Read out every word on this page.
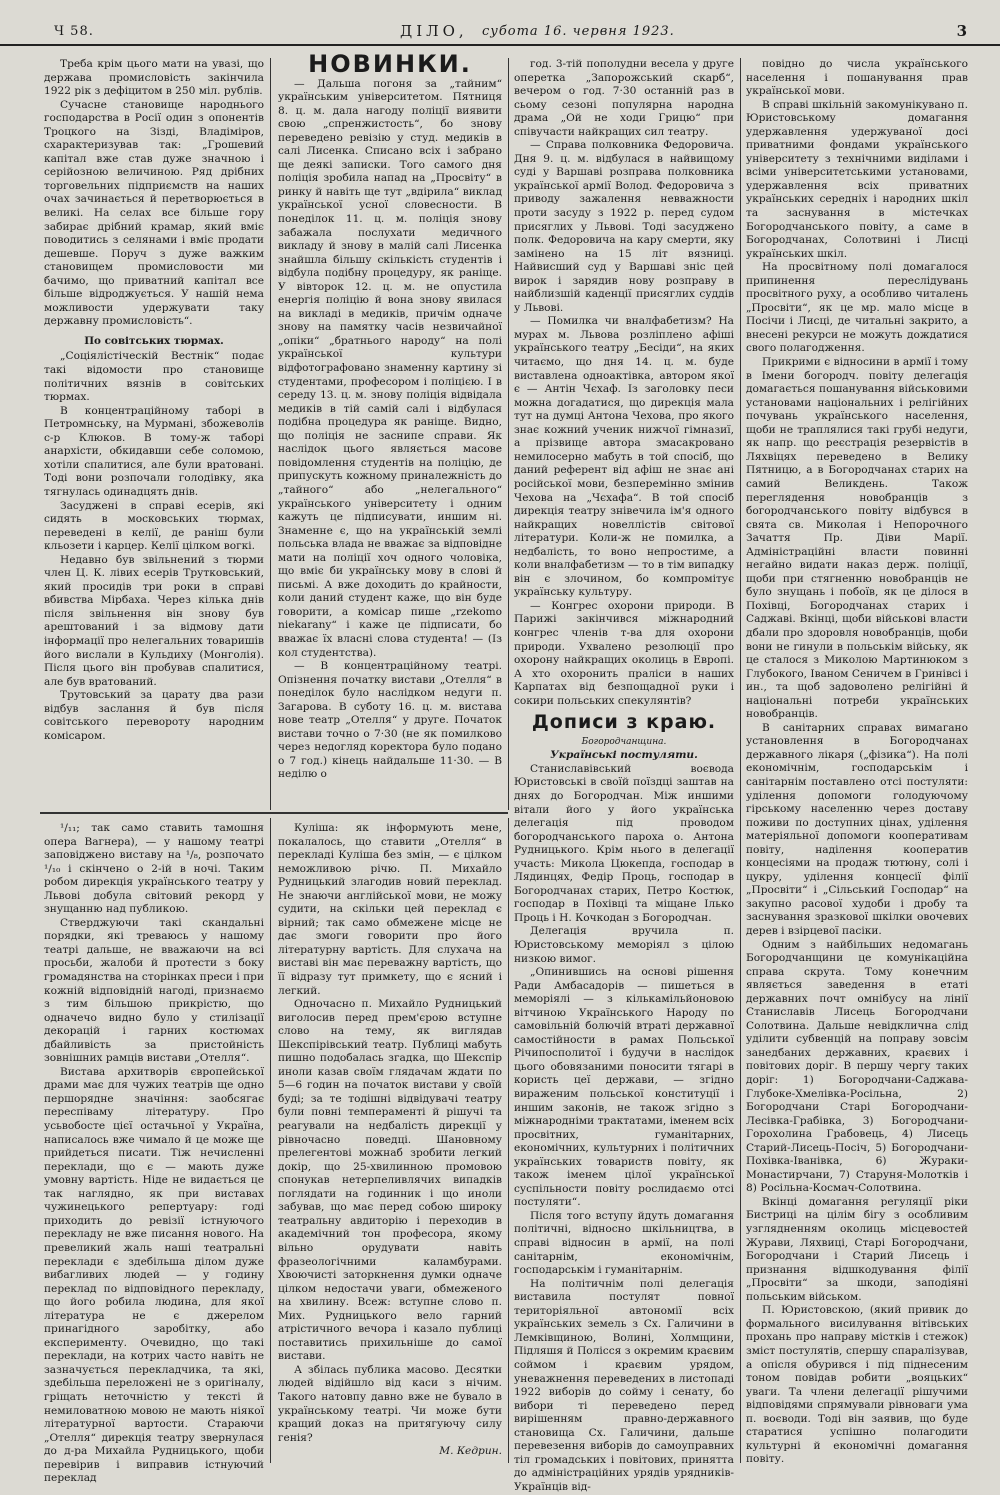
Ч 58.	ДІЛО, субота 16. червня 1923.	3

Треба крім цього мати на увазі, що держава промисловість закінчила 1922 рік з дефіцитом в 250 міл. рублів.

Сучасне становище народнього господарства в Росії один з опонентів Троцкого на Зізді, Владіміров, схарактеризував так: „Грошевий капітал вже став дуже значною і серійозною величиною. Ряд дрібних торговельних підприємств на наших очах зачинається й перетворюється в великі. На селах все більше гору забирає дрібний крамар, який вміє поводитись з селянами і вміє продати дешевше. Поруч з дуже важким становищем промисловости ми бачимо, що приватний капітал все більше відроджується. У нашій нема можливости удержувати таку державну промисловість“.

По совітських тюрмах.

„Соціялістіческій Вестнік“ подає такі відомости про становище політичних вязнів в совітських тюрмах.

В концентраційному таборі в Петромнську, на Мурмані, збожеволів с-р Клюков. В тому-ж таборі анархісти, обкидавши себе соломою, хотіли спалитися, але були вратовані. Тоді вони розпочали голодівку, яка тягнулась одинадцять днів.

Засуджені в справі есерів, які сидять в московських тюрмах, переведені в келії, де раніш були кльозети і карцер. Келії цілком вогкі.

Недавно був звільнений з тюрми член Ц. К. лівих есерів Трутковський, який просидів три роки в справі вбивства Мірбаха. Через кілька днів після звільнення він знову був арештований і за відмову дати інформації про нелегальних товаришів його вислали в Кульдиху (Монголія). Після цього він пробував спалитися, але був вратований.

Трутовський за царату два рази відбув заслання й був після совітського перевороту народним комісаром.

НОВИНКИ.

— Дальша погоня за „тайним“ українським університетом. Пятниця 8. ц. м. дала нагоду поліції виявити свою „спренжистость“, бо знову переведено ревізію у студ. медиків в салі Лисенка. Списано всіх і забрано ще деякі записки. Того самого дня поліція зробила напад на „Просвіту“ в ринку й навіть ще тут „вдірила“ виклад української усної словесности. В понеділок 11. ц. м. поліція знову забажала послухати медичного викладу й знову в малій салі Лисенка знайшла більшу скількість студентів і відбула подібну процедуру, як раніще. У вівторок 12. ц. м. не опустила енергія поліцію й вона знову явилася на викладі в медиків, причім одначе знову на памятку часів незвичайної „опіки“ „братнього народу“ на полі української культури відфотографовано знаменну картину зі студентами, професором і поліцією. І в середу 13. ц. м. знову поліція відвідала медиків в тій самій салі і відбулася подібна процедура як раніще. Видно, що поліція не заснипе справи. Як наслідок цього являється масове повідомлення студентів на поліцію, де припускуть кожному приналежність до „тайного“ або „нелегального“ українського університету і одним кажуть це підписувати, иншим ні. Знаменне є, що на українській землі польська влада не вважає за відповідне мати на поліції хоч одного чоловіка, що вміє би українську мову в слові й письмі. А вже доходить до крайности, коли даний студент каже, що він буде говорити, а комісар пише „rzekomo niekarany“ і каже це підписати, бо вважає їх власні слова студента! — (Із кол студентства).

— В концентраційному театрі. Опізнення початку вистави „Отелля“ в понеділок було наслідком недуги п. Загарова. В суботу 16. ц. м. вистава нове театр „Отелля“ у друге. Початок вистави точно о 7·30 (не як помилково через недогляд коректора було подано о 7 год.) кінець найдальше 11·30. — В неділю о

год. 3-тій пополудни весела у друге оперетка „Запорожський скарб“, вечером о год. 7·30 останній раз в сьому сезоні популярна народна драма „Ой не ходи Грицю“ при співучасти найкращих сил театру.

— Справа полковника Федоровича. Дня 9. ц. м. відбулася в найвищому суді у Варшаві розправа полковника української армії Волод. Федоровича з приводу зажалення невважности проти засуду з 1922 р. перед судом присяглих у Львові. Тоді засуджено полк. Федоровича на кару смерти, яку замінено на 15 літ вязниці. Найвисший суд у Варшаві зніс цей вирок і зарядив нову розправу в найблизшій каденції присяглих суддів у Львові.

— Помилка чи вналфабетизм? На мурах м. Львова розліплено афіші українського театру „Бесіди“, на яких читаємо, що дня 14. ц. м. буде виставлена одноактівка, автором якої є — Антін Чєхаф. Із заголовку песи можна догадатися, що дирекція мала тут на думці Антона Чехова, про якого знає кожний ученик нижчої гімназиї, а прізвище автора змасакровано немилосерно мабуть в той спосіб, що даний референт від афіш не знає ані російської мови, безперемінно змінив Чехова на „Чєхафа“. В той спосіб дирекція театру знівечила ім'я одного найкращих новеллістів світової літератури. Коли-ж не помилка, а недбалість, то воно непростиме, а коли вналфабетизм — то в тім випадку він є злочином, бо компромітує українську культуру.

— Конгрес охорони природи. В Парижі закінчився міжнародний конгрес членів т-ва для охорони природи. Ухвалено резолюції про охорону найкращих околиць в Европі. А хто охоронить праліси в наших Карпатах від безпощадної руки і сокири польських спекулянтів?

Дописи з краю.

Богородчанщина.

Українські постуляти.

Станиславівський воєвода Юристовські в своїй поїздці заштав на днях до Богородчан. Між иншими вітали його у його українська делегація під проводом богородчанського пароха о. Антона Рудницького. Крім нього в делегації участь: Микола Цюкепда, господар в Лядинцях, Федір Проць, господар в Богородчанах старих, Петро Костюк, господар в Похівці та міщане Ілько Проць і Н. Кочкодан з Богородчан.

Делегація вручила п. Юристовському меморіял з цілою низкою вимог.

„Опинившись на основі рішення Ради Амбасадорів — пишеться в меморіялі — з кількамільйоновою вітчиною Українського Народу по самовільній болючій втраті державної самостійности в рамах Польської Річипосполитої і будучи в наслідок цього обовязаними поносити тягарі в користь цеї держави, — згідно вираженим польської конституції і иншим законів, не також згідно з міжнародніми трактатами, іменем всіх просвітних, гуманітарних, економічних, культурних і політичних українських товариств повіту, як також іменем цілої української суспільности повіту рослидаємо отсі постуляти“.

Після того вступу йдуть домагання політичні, відносно шкільництва, в справі відносин в армії, на полі санітарнім, економічнім, господарськім і гуманітарнім.

На політичнім полі делегація виставила постулят повної територіяльної автономії всіх українських земель з Сх. Галичини в Лемківщиною, Волині, Холмщини, Підляшя й Полісся з окремим краєвим соймом і краєвим урядом, уневажнення переведених в листопаді 1922 виборів до сойму і сенату, бо вибори ті переведено перед вирішенням правно-державного становища Сх. Галичини, дальше перевезення виборів до самоуправних тіл громадських і повітових, принятта до адміністраційних урядів урядників-Українців від-

повідно до числа українського населення і пошанування прав української мови.

В справі шкільній закомунікувано п. Юристовському домагання удержавлення удержуваної досі приватними фондами українського університету з технічними виділами і всіми університетськими установами, удержавлення всіх приватних українських середніх і народних шкіл та заснування в містечках Богородчанського повіту, а саме в Богородчанах, Солотвині і Лисці українських шкіл.

На просвітному полі домагалося припинення переслідувань просвітного руху, а особливо читалень „Просвіти“, як це мр. мало місце в Посічи і Лисці, де читальні закрито, а внесені рекурси не можуть дождатися свого полагодження.

Прикрими є відносини в армії і тому в Імени богородч. повіту делегація домагається пошанування військовими установами національних і релігійних почувань українського населення, щоби не траплялися такі грубі недуги, як напр. що реєстрація резервістів в Ляхвіцях переведено в Велику Пятницю, а в Богородчанах старих на самий Великдень. Також переглядення новобранців з богородчанського повіту відбувся в свята св. Миколая і Непорочного Зачаття Пр. Діви Марії. Адміністраційні власти повинні негайно видати наказ держ. поліції, щоби при стягненню новобранців не було знущань і побоїв, як це ділося в Похівці, Богородчанах старих і Саджаві. Вкінці, щоби військові власти дбали про здоровля новобранців, щоби вони не гинули в польськім війську, як це сталося з Миколою Мартинюком з Глубокого, Іваном Сеничем в Гринівсі і ин., та щоб задоволено релігійні й національні потреби українських новобранців.

В санітарних справах вимагано установлення в Богородчанах державного лікаря („фізика“). На полі економічнім, господарськім і санітарнім поставлено отсі постуляти: уділення допомоги голодуючому гірському населенню через доставу поживи по доступних цінах, уділення матеріяльної допомоги кооперативам повіту, наділення кооператив концесіями на продаж тютюну, солі і цукру, уділення концесії філії „Просвіти“ і „Сільський Господар“ на закупно расової худоби і дробу та заснування зразкової шкілки овочевих дерев і взірцевої пасіки.

Одним з найбільших недомагань Богородчанщини це комунікаційна справа скрута. Тому конечним являється заведення в етаті державних почт омнібусу на лінії Станиславів Лисець Богородчани Солотвина. Дальше невідклична слід уділити субвенцій на поправу зовсім занедбаних державних, краєвих і повітових доріг. В першу чергу таких доріг: 1) Богородчани-Саджава-Глубоке-Хмелівка-Росільна, 2) Богородчани Старі Богородчани-Лесівка-Грабівка, 3) Богородчани-Гороxолина Грабовець, 4) Лисець Старий-Лисець-Посіч, 5) Богородчани-Похівка-Іванівка, 6) Жураки-Монастирчани, 7) Старуня-Молотків і 8) Росільна-Космач-Солотвина.

Вкінці домагання регуляції ріки Бистриці на цілім бігу з особливим узглядненням околиць місцевостей Журави, Ляхвиці, Старі Богородчани, Богородчани і Старий Лисець і признання відшкодування філії „Просвіти“ за шкоди, заподіяні польським військом.

П. Юристовскою, (який привик до формального висилування вітівських прохань про направу містків і стежок) зміст постулятів, спершу спаралізував, а опісля обурився і під піднесеним тоном повідав робити „вояцьких“ уваги. Та члени делегації рішучими відповідями спрямували рівноваги ума п. воєводи. Тоді він заявив, що буде старатися успішно полагодити культурні й економічні домагання повіту.

¹/₁₁; так само ставить тамошня опера Вагнера), — у нашому театрі заповіджено виставу на ¹/₈, розпочато ¹/₁₀ і скінчено о 2-ій в ночі. Таким робом дирекція українського театру у Львові добула світовий рекорд у знущанню над публикою.

Стверджуючи такі скандальні порядки, які треваюсь у нашому театрі дальше, не вважаючи на всі просьби, жалоби й протести з боку громадянства на сторінках преси і при кожній відповідній нагоді, признаємо з тим більшою прикрістю, що одначечо видно було у стилізації декорацій і гарних костюмах дбайливість за пристойність зовнішних рамців вистави „Отелля“.

Вистава архитворів європейської драми має для чужих театрів ще одно першорядне значіння: заобсягає переспіваму літературу. Про усьвобосте цієї остачьної у Україна, написалось вже чимало й це може ще прийдеться писати. Тіж нечисленні переклади, що є — мають дуже умовну вартість. Ніде не видається це так наглядно, як при виставах чужинецького репертуару: годі приходить до ревізії істнуючого перекладу не вже писання нового. На превеликий жаль наші театральні переклади є здебільша ділом дуже вибагливих людей — у годину переклад по відповідного перекладу, що його робила людина, для якої література не є джерелом принагідного заробітку, або експерименту. Очевидно, що такі переклади, на котрих часто навіть не зазначується перекладчика, та які, здебільша переложені не з оригіналу, гріщать неточністю у тексті й немиловатною мовою не мають ніякої літературної вартости. Стараючи „Отелля“ дирекція театру звернулася до д-ра Михайла Рудницького, щоби перевірив і виправив істнуючий переклад

Куліша: як інформують мене, покалалось, що ставити „Отелля“ в перекладі Куліша без змін, — є цілком неможливою річю. П. Михайло Рудницький злагодив новий переклад. Не знаючи англійської мови, не можу судити, на скільки цей переклад є вірний; так само обмежене місце не дає змоги говорити про його літературну вартість. Для слухача на виставі він має переважну вартість, що її відразу тут примкету, що є ясний і легкий.

Одночасно п. Михайло Рудницький виголосив перед прем'єрою вступне слово на тему, як виглядав Шекспірівський театр. Публиці мабуть пишно подобалась згадка, що Шекспір иноли казав своїм глядачам ждати по 5—6 годин на початок вистави у своїй буді; за те тодішні відвідувачі театру були повні темпераменті й рішучі та реагували на недбалість дирекції у рівночасно поведці. Шановному прелегентові можнаб зробити легкий докір, що 25-хвилинною промовою спонукав нетерпеливлячих випадків поглядати на годинник і що иноли забував, що має перед собою широку театральну авдиторію і переходив в академічний тон професора, якому вільно орудувати навіть фразеологічними каламбурами. Хвоючисті заторкнення думки одначе цілком недостачи уваги, обмеженого на хвилину. Всеж: вступне слово п. Мих. Рудницького вело гарний атрістичного вечора і казало публиці поставитись прихильніше до самої вистави.

А збілась публика масово. Десятки людей відійшло від каси з нічим. Такого натовпу давно вже не бувало в українському театрі. Чи може бути кращий доказ на притягуючу силу генія?

М. Кедрин.
